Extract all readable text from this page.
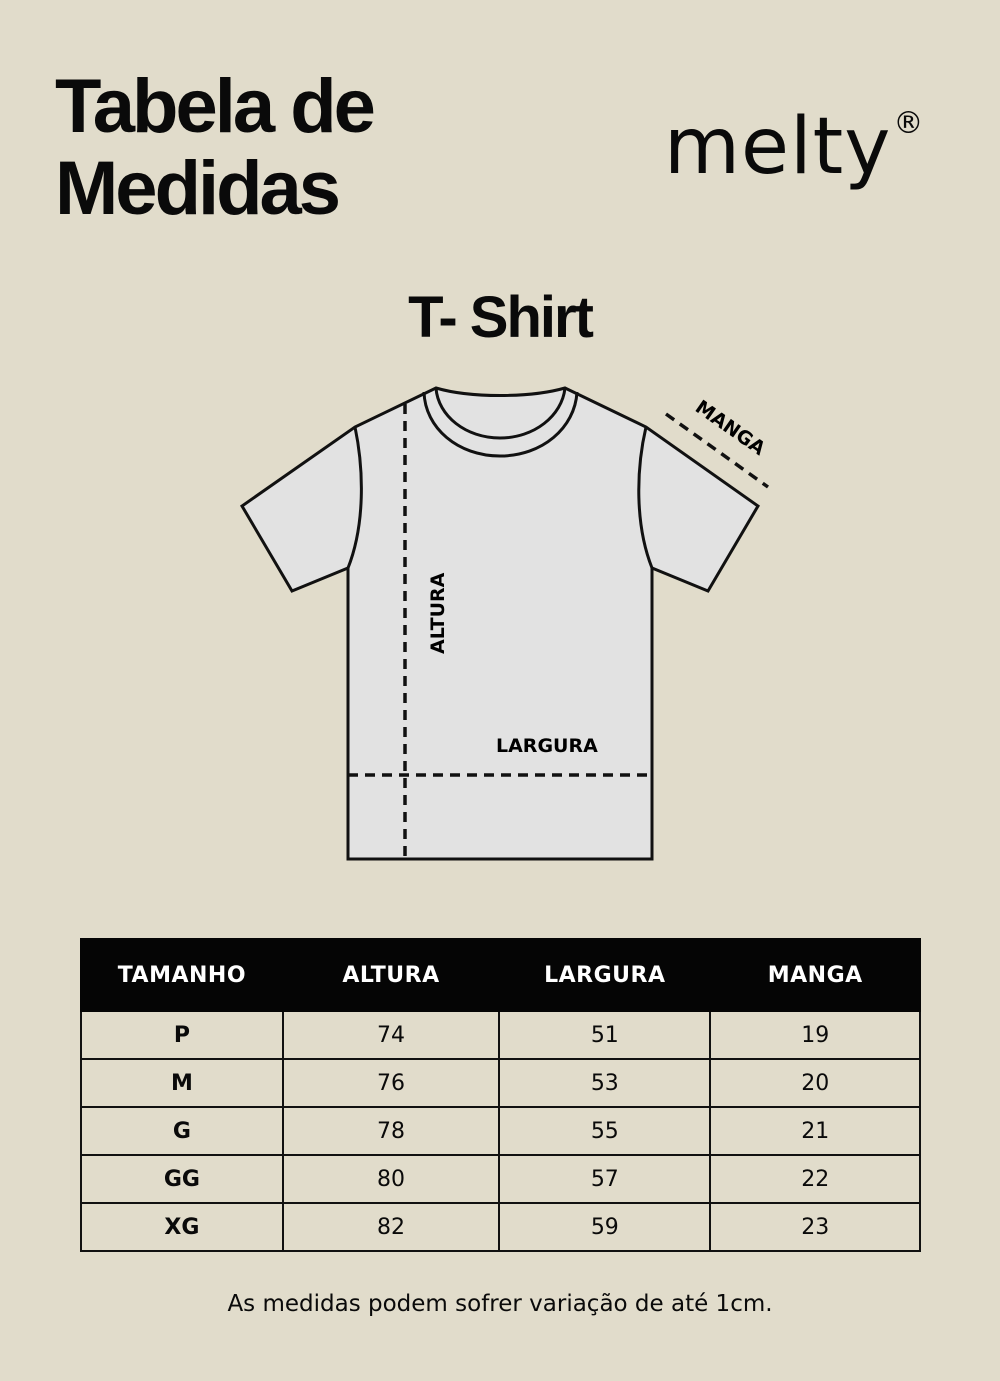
Tabela de
Medidas	melty®
T- Shirt
MANGA
ALTURA
LARGURA
TAMANHO	ALTURA	LARGURA	MANGA
P	74	51	19
M	76	53	20
G	78	55	21
GG	80	57	22
XG	82	59	23
As medidas podem sofrer variação de até 1cm.
